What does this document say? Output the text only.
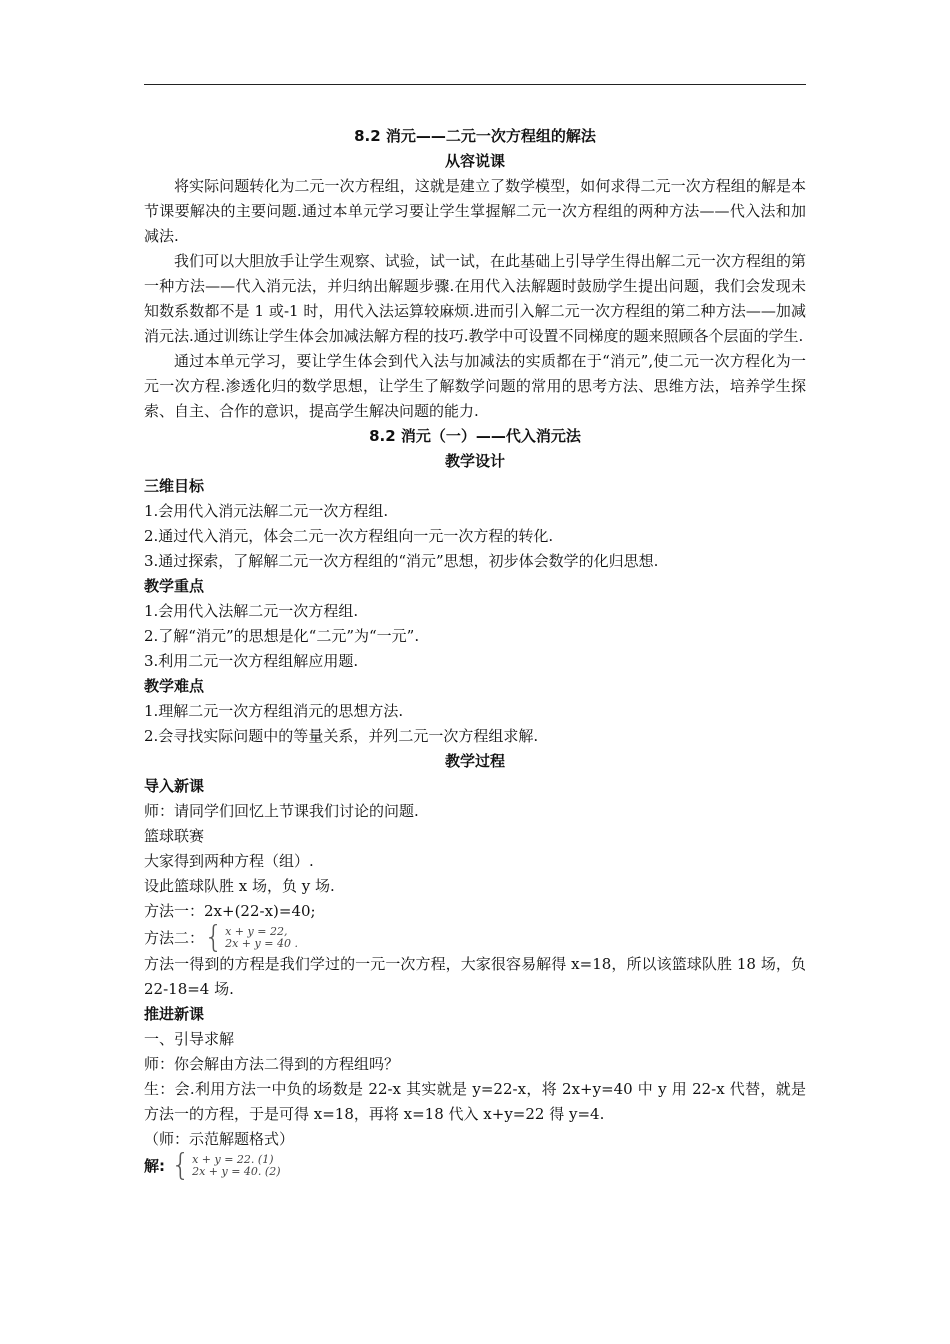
8.2 消元——二元一次方程组的解法

从容说课

将实际问题转化为二元一次方程组，这就是建立了数学模型，如何求得二元一次方程组的解是本节课要解决的主要问题.通过本单元学习要让学生掌握解二元一次方程组的两种方法——代入法和加减法.

我们可以大胆放手让学生观察、试验，试一试，在此基础上引导学生得出解二元一次方程组的第一种方法——代入消元法，并归纳出解题步骤.在用代入法解题时鼓励学生提出问题，我们会发现未知数系数都不是 1 或-1 时，用代入法运算较麻烦.进而引入解二元一次方程组的第二种方法——加减消元法.通过训练让学生体会加减法解方程的技巧.教学中可设置不同梯度的题来照顾各个层面的学生.

通过本单元学习，要让学生体会到代入法与加减法的实质都在于“消元”,使二元一次方程化为一元一次方程.渗透化归的数学思想，让学生了解数学问题的常用的思考方法、思维方法，培养学生探索、自主、合作的意识，提高学生解决问题的能力.

8.2 消元（一）——代入消元法

教学设计

三维目标

1.会用代入消元法解二元一次方程组.

2.通过代入消元，体会二元一次方程组向一元一次方程的转化.

3.通过探索，了解解二元一次方程组的“消元”思想，初步体会数学的化归思想.

教学重点

1.会用代入法解二元一次方程组.

2.了解“消元”的思想是化“二元”为“一元”.

3.利用二元一次方程组解应用题.

教学难点

1.理解二元一次方程组消元的思想方法.

2.会寻找实际问题中的等量关系，并列二元一次方程组求解.

教学过程

导入新课

师：请同学们回忆上节课我们讨论的问题.

篮球联赛

大家得到两种方程（组）.

设此篮球队胜 x 场，负 y 场.

方法一：2x+(22-x)=40;

方法二： { x + y = 22,
2x + y = 40 .

方法一得到的方程是我们学过的一元一次方程，大家很容易解得 x=18，所以该篮球队胜 18 场，负 22-18=4 场.

推进新课

一、引导求解

师：你会解由方法二得到的方程组吗？

生：会.利用方法一中负的场数是 22-x 其实就是 y=22-x，将 2x+y=40 中 y 用 22-x 代替，就是方法一的方程，于是可得 x=18，再将 x=18 代入 x+y=22 得 y=4.

（师：示范解题格式）

解: { x + y = 22. (1)
2x + y = 40. (2)
